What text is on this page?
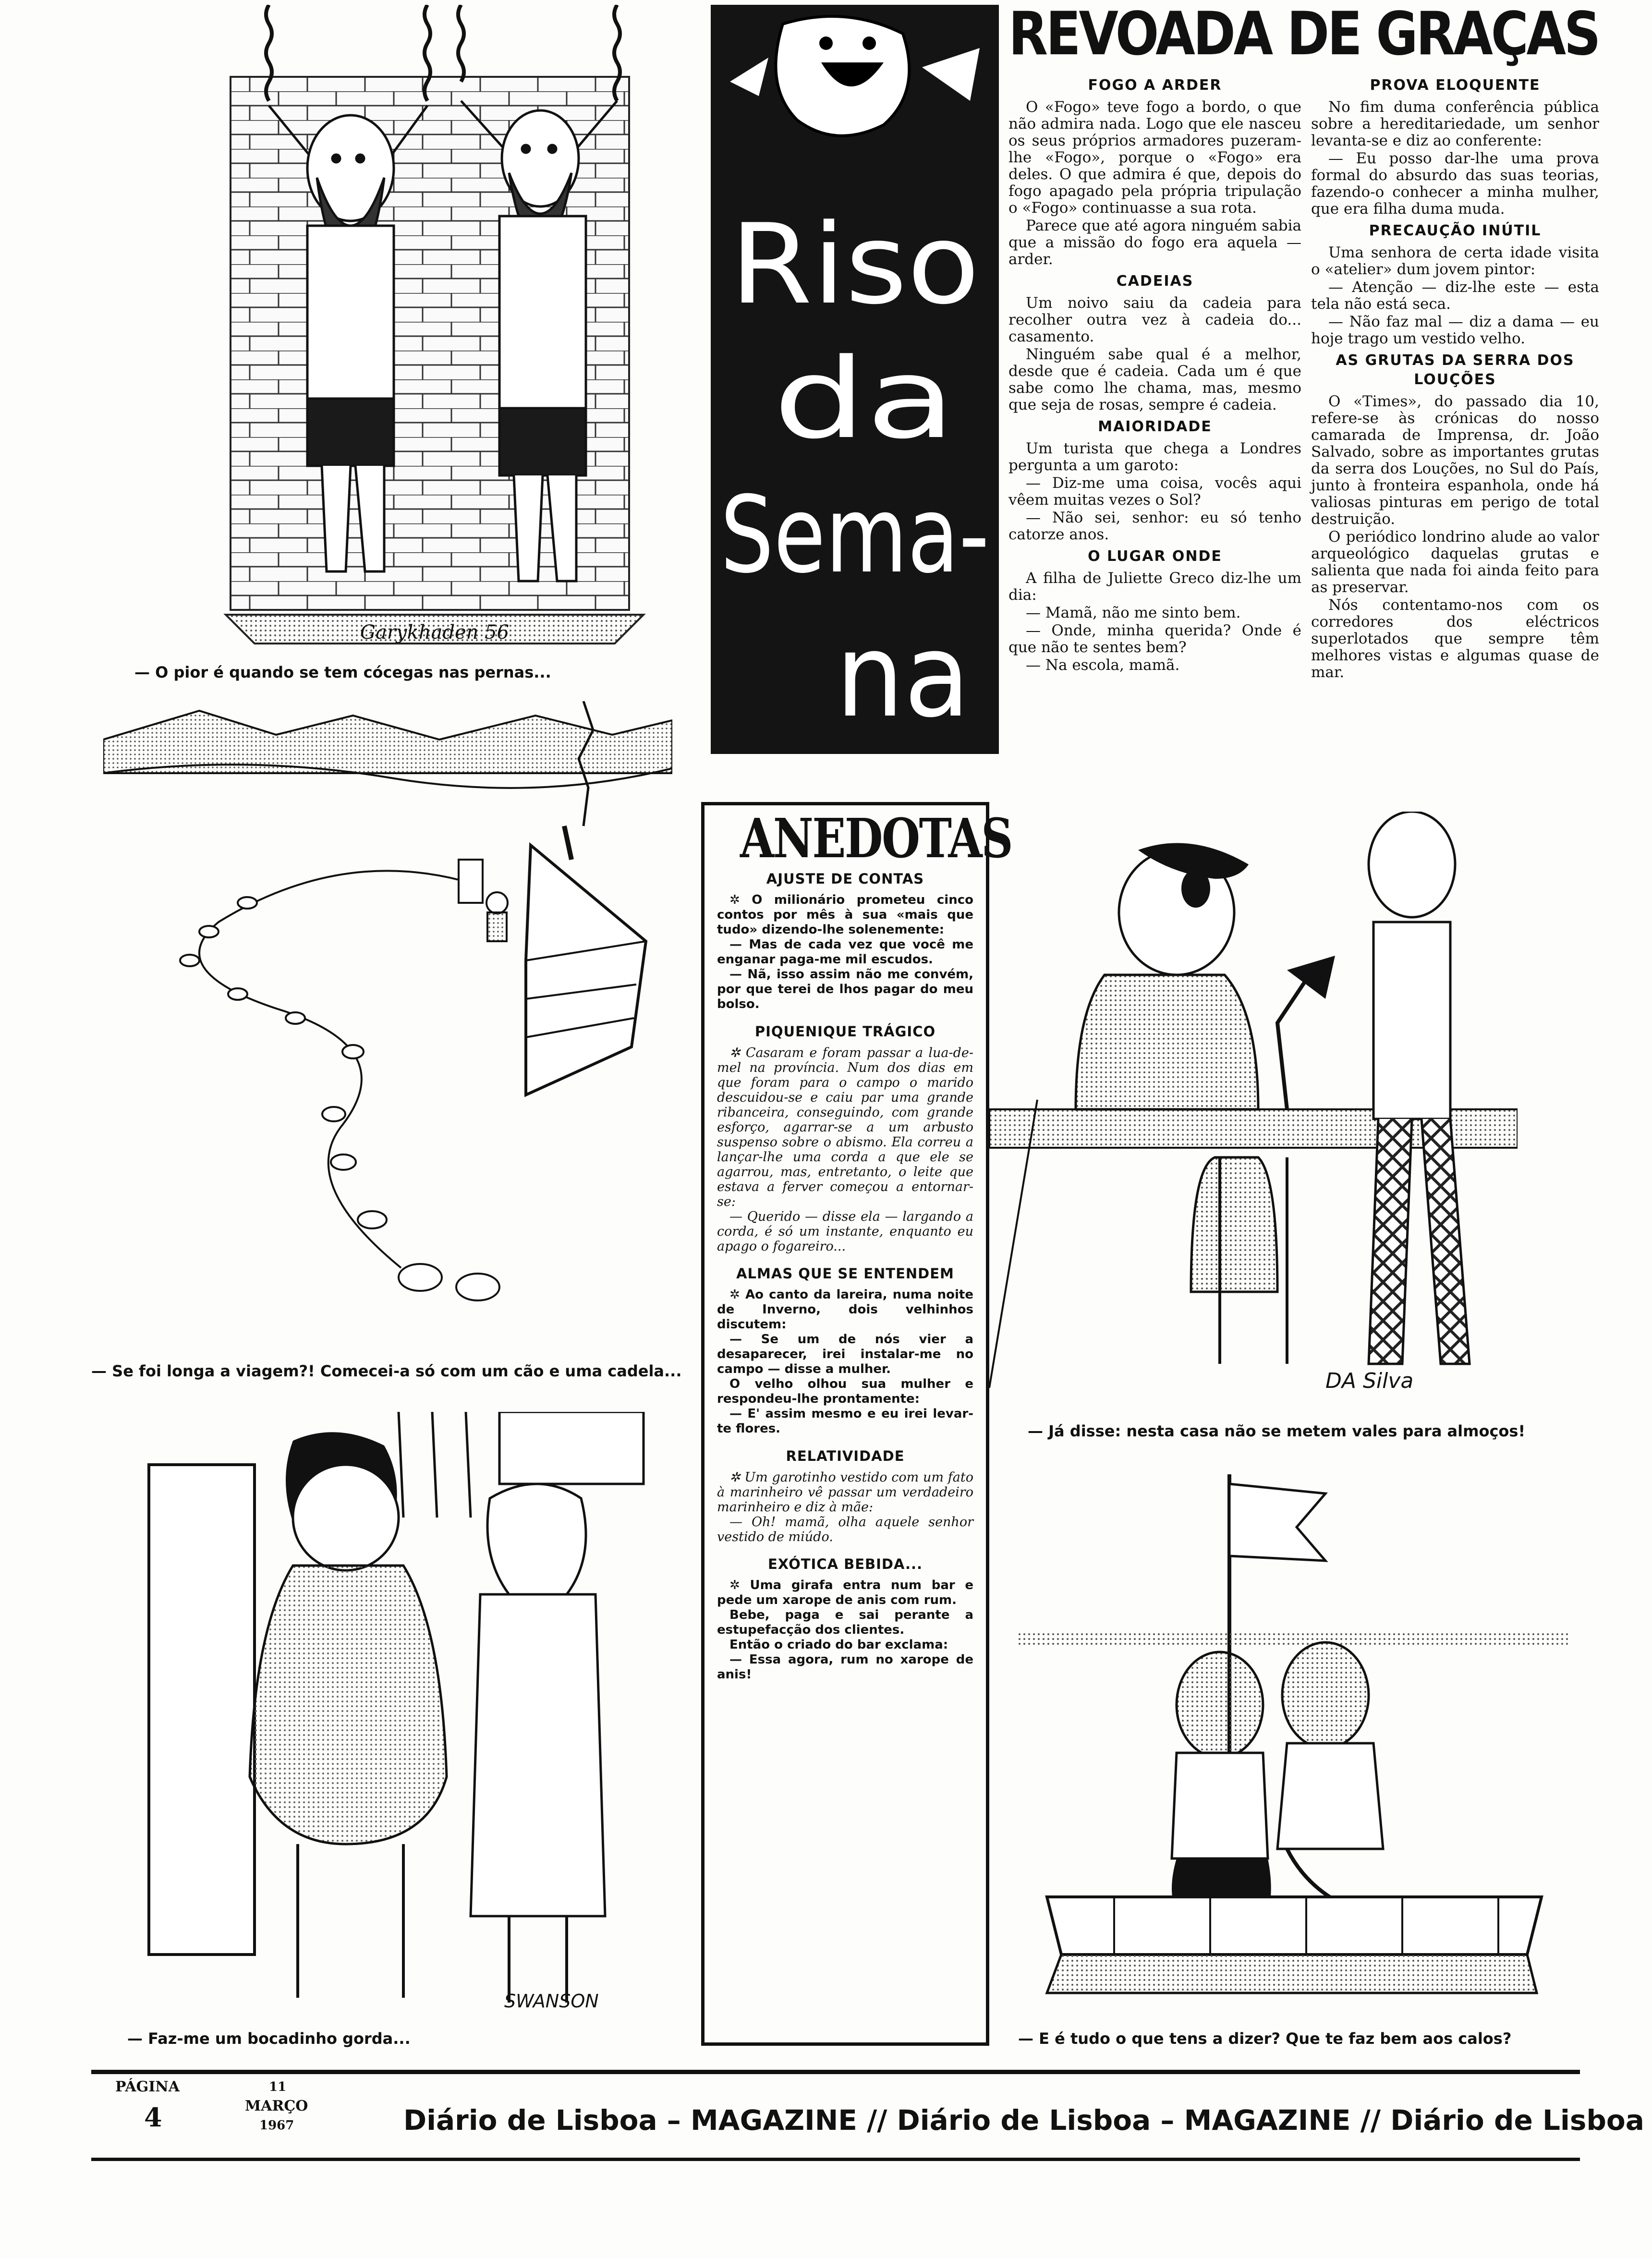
Garykhaden 56
— O pior é quando se tem cócegas nas pernas...
— Se foi longa a viagem?! Comecei-a só com um cão e uma cadela...
SWANSON
— Faz-me um bocadinho gorda...
Riso
da
Sema-
na
REVOADA DE GRAÇAS
FOGO A ARDER

O «Fogo» teve fogo a bordo, o que não admira nada. Logo que ele nasceu os seus próprios armadores puzeram-lhe «Fogo», porque o «Fogo» era deles. O que admira é que, depois do fogo apagado pela própria tripulação o «Fogo» continuasse a sua rota.

Parece que até agora ninguém sabia que a missão do fogo era aquela — arder.

CADEIAS

Um noivo saiu da cadeia para recolher outra vez à cadeia do... casamento.

Ninguém sabe qual é a melhor, desde que é cadeia. Cada um é que sabe como lhe chama, mas, mesmo que seja de rosas, sempre é cadeia.

MAIORIDADE

Um turista que chega a Londres pergunta a um garoto:

— Diz-me uma coisa, vocês aqui vêem muitas vezes o Sol?

— Não sei, senhor: eu só tenho catorze anos.

O LUGAR ONDE

A filha de Juliette Greco diz-lhe um dia:

— Mamã, não me sinto bem.

— Onde, minha querida? Onde é que não te sentes bem?

— Na escola, mamã.

PROVA ELOQUENTE

No fim duma conferência pública sobre a hereditariedade, um senhor levanta-se e diz ao conferente:

— Eu posso dar-lhe uma prova formal do absurdo das suas teorias, fazendo-o conhecer a minha mulher, que era filha duma muda.

PRECAUÇÃO INÚTIL

Uma senhora de certa idade visita o «atelier» dum jovem pintor:

— Atenção — diz-lhe este — esta tela não está seca.

— Não faz mal — diz a dama — eu hoje trago um vestido velho.

AS GRUTAS DA SERRA DOS LOUÇÕES

O «Times», do passado dia 10, refere-se às crónicas do nosso camarada de Imprensa, dr. João Salvado, sobre as importantes grutas da serra dos Louções, no Sul do País, junto à fronteira espanhola, onde há valiosas pinturas em perigo de total destruição.

O periódico londrino alude ao valor arqueológico daquelas grutas e salienta que nada foi ainda feito para as preservar.

Nós contentamo-nos com os corredores dos eléctricos superlotados que sempre têm melhores vistas e algumas quase de mar.

ANEDOTAS
AJUSTE DE CONTAS

✲ O milionário prometeu cinco contos por mês à sua «mais que tudo» dizendo-lhe solenemente:

— Mas de cada vez que você me enganar paga-me mil escudos.

— Nã, isso assim não me convém, por que terei de lhos pagar do meu bolso.

PIQUENIQUE TRÁGICO

✲ Casaram e foram passar a lua-de-mel na província. Num dos dias em que foram para o campo o marido descuidou-se e caiu par uma grande ribanceira, conseguindo, com grande esforço, agarrar-se a um arbusto suspenso sobre o abismo. Ela correu a lançar-lhe uma corda a que ele se agarrou, mas, entretanto, o leite que estava a ferver começou a entornar-se:

— Querido — disse ela — largando a corda, é só um instante, enquanto eu apago o fogareiro...

ALMAS QUE SE ENTENDEM

✲ Ao canto da lareira, numa noite de Inverno, dois velhinhos discutem:

— Se um de nós vier a desaparecer, irei instalar-me no campo — disse a mulher.

O velho olhou sua mulher e respondeu-lhe prontamente:

— E' assim mesmo e eu irei levar-te flores.

RELATIVIDADE

✲ Um garotinho vestido com um fato à marinheiro vê passar um verdadeiro marinheiro e diz à mãe:

— Oh! mamã, olha aquele senhor vestido de miúdo.

EXÓTICA BEBIDA...

✲ Uma girafa entra num bar e pede um xarope de anis com rum.

Bebe, paga e sai perante a estupefacção dos clientes.

Então o criado do bar exclama:

— Essa agora, rum no xarope de anis!

DA Silva
— Já disse: nesta casa não se metem vales para almoços!
— E é tudo o que tens a dizer? Que te faz bem aos calos?
PÁGINA
4
11
MARÇO
1967	Diário de Lisboa – MAGAZINE // Diário de Lisboa – MAGAZINE // Diário de Lisboa
